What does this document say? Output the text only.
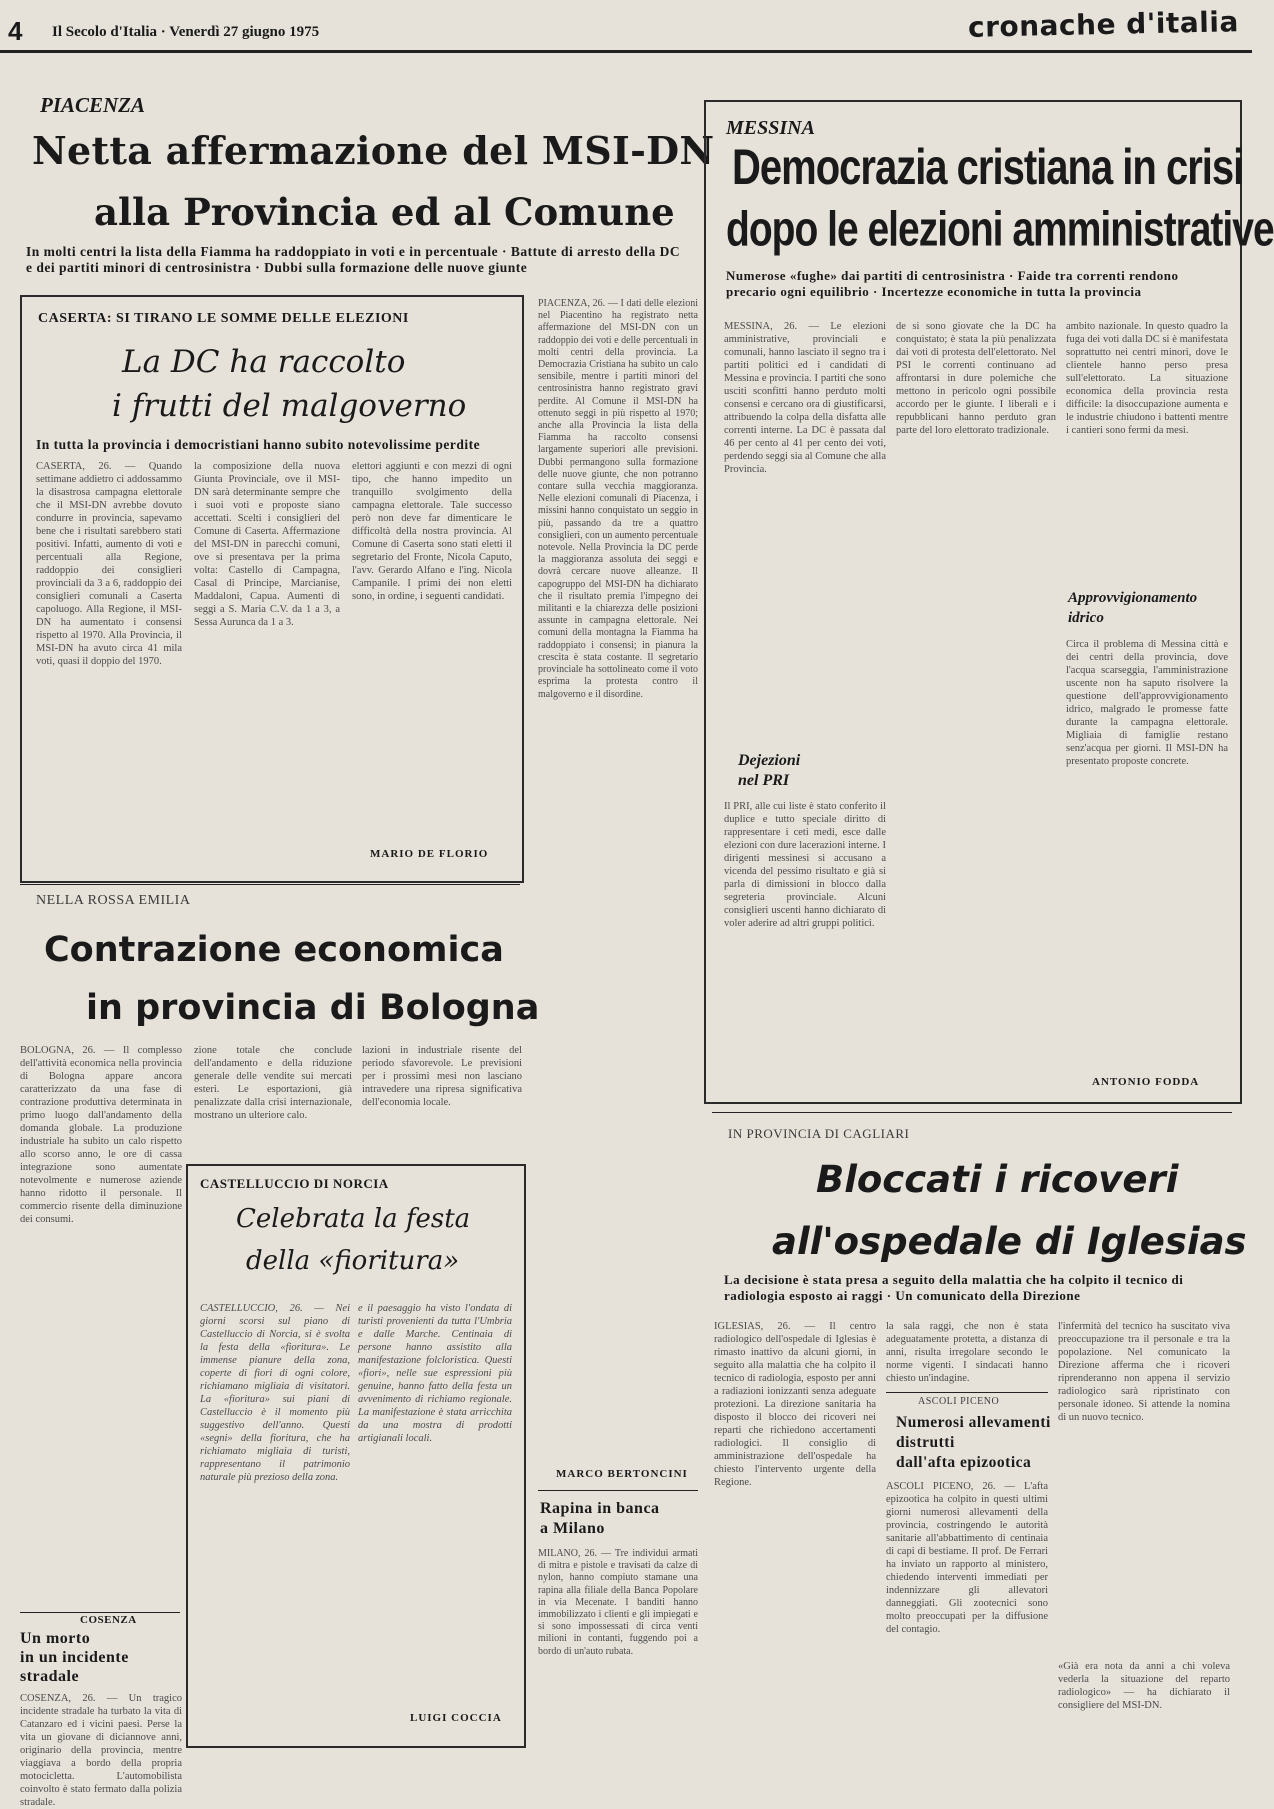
4 Il Secolo d'Italia · Venerdì 27 giugno 1975	cronache d'italia
PIACENZA
Netta affermazione del MSI-DN
alla Provincia ed al Comune
In molti centri la lista della Fiamma ha raddoppiato in voti e in percentuale · Battute di arresto della DC e dei partiti minori di centrosinistra · Dubbi sulla formazione delle nuove giunte
PIACENZA, 26. — I dati delle elezioni nel Piacentino ha registrato netta affermazione del MSI-DN con un raddoppio dei voti e delle percentuali in molti centri della provincia. La Democrazia Cristiana ha subito un calo sensibile, mentre i partiti minori del centrosinistra hanno registrato gravi perdite. Al Comune il MSI-DN ha ottenuto seggi in più rispetto al 1970; anche alla Provincia la lista della Fiamma ha raccolto consensi largamente superiori alle previsioni. Dubbi permangono sulla formazione delle nuove giunte, che non potranno contare sulla vecchia maggioranza. Nelle elezioni comunali di Piacenza, i missini hanno conquistato un seggio in più, passando da tre a quattro consiglieri, con un aumento percentuale notevole. Nella Provincia la DC perde la maggioranza assoluta dei seggi e dovrà cercare nuove alleanze. Il capogruppo del MSI-DN ha dichiarato che il risultato premia l'impegno dei militanti e la chiarezza delle posizioni assunte in campagna elettorale. Nei comuni della montagna la Fiamma ha raddoppiato i consensi; in pianura la crescita è stata costante. Il segretario provinciale ha sottolineato come il voto esprima la protesta contro il malgoverno e il disordine.
MARCO BERTONCINI
Rapina in banca
a Milano
MILANO, 26. — Tre individui armati di mitra e pistole e travisati da calze di nylon, hanno compiuto stamane una rapina alla filiale della Banca Popolare in via Mecenate. I banditi hanno immobilizzato i clienti e gli impiegati e si sono impossessati di circa venti milioni in contanti, fuggendo poi a bordo di un'auto rubata.
CASERTA: SI TIRANO LE SOMME DELLE ELEZIONI
La DC ha raccolto
i frutti del malgoverno
In tutta la provincia i democristiani hanno subito notevolissime perdite
CASERTA, 26. — Quando settimane addietro ci addossammo la disastrosa campagna elettorale che il MSI-DN avrebbe dovuto condurre in provincia, sapevamo bene che i risultati sarebbero stati positivi. Infatti, aumento di voti e percentuali alla Regione, raddoppio dei consiglieri provinciali da 3 a 6, raddoppio dei consiglieri comunali a Caserta capoluogo. Alla Regione, il MSI-DN ha aumentato i consensi rispetto al 1970. Alla Provincia, il MSI-DN ha avuto circa 41 mila voti, quasi il doppio del 1970.
la composizione della nuova Giunta Provinciale, ove il MSI-DN sarà determinante sempre che i suoi voti e proposte siano accettati. Scelti i consiglieri del Comune di Caserta. Affermazione del MSI-DN in parecchi comuni, ove si presentava per la prima volta: Castello di Campagna, Casal di Principe, Marcianise, Maddaloni, Capua. Aumenti di seggi a S. Maria C.V. da 1 a 3, a Sessa Aurunca da 1 a 3.
elettori aggiunti e con mezzi di ogni tipo, che hanno impedito un tranquillo svolgimento della campagna elettorale. Tale successo però non deve far dimenticare le difficoltà della nostra provincia. Al Comune di Caserta sono stati eletti il segretario del Fronte, Nicola Caputo, l'avv. Gerardo Alfano e l'ing. Nicola Campanile. I primi dei non eletti sono, in ordine, i seguenti candidati.
MARIO DE FLORIO
MESSINA
Democrazia cristiana in crisi
dopo le elezioni amministrative
Numerose «fughe» dai partiti di centrosinistra · Faide tra correnti rendono precario ogni equilibrio · Incertezze economiche in tutta la provincia
MESSINA, 26. — Le elezioni amministrative, provinciali e comunali, hanno lasciato il segno tra i partiti politici ed i candidati di Messina e provincia. I partiti che sono usciti sconfitti hanno perduto molti consensi e cercano ora di giustificarsi, attribuendo la colpa della disfatta alle correnti interne. La DC è passata dal 46 per cento al 41 per cento dei voti, perdendo seggi sia al Comune che alla Provincia.
de si sono giovate che la DC ha conquistato; è stata la più penalizzata dai voti di protesta dell'elettorato. Nel PSI le correnti continuano ad affrontarsi in dure polemiche che mettono in pericolo ogni possibile accordo per le giunte. I liberali e i repubblicani hanno perduto gran parte del loro elettorato tradizionale.
ambito nazionale. In questo quadro la fuga dei voti dalla DC si è manifestata soprattutto nei centri minori, dove le clientele hanno perso presa sull'elettorato. La situazione economica della provincia resta difficile: la disoccupazione aumenta e le industrie chiudono i battenti mentre i cantieri sono fermi da mesi.
Dejezioni
nel PRI
Il PRI, alle cui liste è stato conferito il duplice e tutto speciale diritto di rappresentare i ceti medi, esce dalle elezioni con dure lacerazioni interne. I dirigenti messinesi si accusano a vicenda del pessimo risultato e già si parla di dimissioni in blocco dalla segreteria provinciale. Alcuni consiglieri uscenti hanno dichiarato di voler aderire ad altri gruppi politici.
Approvvigionamento
idrico
Circa il problema di Messina città e dei centri della provincia, dove l'acqua scarseggia, l'amministrazione uscente non ha saputo risolvere la questione dell'approvvigionamento idrico, malgrado le promesse fatte durante la campagna elettorale. Migliaia di famiglie restano senz'acqua per giorni. Il MSI-DN ha presentato proposte concrete.
ANTONIO FODDA
NELLA ROSSA EMILIA
Contrazione economica
in provincia di Bologna
BOLOGNA, 26. — Il complesso dell'attività economica nella provincia di Bologna appare ancora caratterizzato da una fase di contrazione produttiva determinata in primo luogo dall'andamento della domanda globale. La produzione industriale ha subito un calo rispetto allo scorso anno, le ore di cassa integrazione sono aumentate notevolmente e numerose aziende hanno ridotto il personale. Il commercio risente della diminuzione dei consumi.
zione totale che conclude dell'andamento e della riduzione generale delle vendite sui mercati esteri. Le esportazioni, già penalizzate dalla crisi internazionale, mostrano un ulteriore calo.
lazioni in industriale risente del periodo sfavorevole. Le previsioni per i prossimi mesi non lasciano intravedere una ripresa significativa dell'economia locale.
COSENZA
Un morto
in un incidente
stradale
COSENZA, 26. — Un tragico incidente stradale ha turbato la vita di Catanzaro ed i vicini paesi. Perse la vita un giovane di diciannove anni, originario della provincia, mentre viaggiava a bordo della propria motocicletta. L'automobilista coinvolto è stato fermato dalla polizia stradale.
CASTELLUCCIO DI NORCIA
Celebrata la festa
della «fioritura»
CASTELLUCCIO, 26. — Nei giorni scorsi sul piano di Castelluccio di Norcia, si è svolta la festa della «fioritura». Le immense pianure della zona, coperte di fiori di ogni colore, richiamano migliaia di visitatori. La «fioritura» sui piani di Castelluccio è il momento più suggestivo dell'anno. Questi «segni» della fioritura, che ha richiamato migliaia di turisti, rappresentano il patrimonio naturale più prezioso della zona.
e il paesaggio ha visto l'ondata di turisti provenienti da tutta l'Umbria e dalle Marche. Centinaia di persone hanno assistito alla manifestazione folcloristica. Questi «fiori», nelle sue espressioni più genuine, hanno fatto della festa un avvenimento di richiamo regionale. La manifestazione è stata arricchita da una mostra di prodotti artigianali locali.
LUIGI COCCIA
IN PROVINCIA DI CAGLIARI
Bloccati i ricoveri
all'ospedale di Iglesias
La decisione è stata presa a seguito della malattia che ha colpito il tecnico di radiologia esposto ai raggi · Un comunicato della Direzione
IGLESIAS, 26. — Il centro radiologico dell'ospedale di Iglesias è rimasto inattivo da alcuni giorni, in seguito alla malattia che ha colpito il tecnico di radiologia, esposto per anni a radiazioni ionizzanti senza adeguate protezioni. La direzione sanitaria ha disposto il blocco dei ricoveri nei reparti che richiedono accertamenti radiologici. Il consiglio di amministrazione dell'ospedale ha chiesto l'intervento urgente della Regione.
la sala raggi, che non è stata adeguatamente protetta, a distanza di anni, risulta irregolare secondo le norme vigenti. I sindacati hanno chiesto un'indagine.
l'infermità del tecnico ha suscitato viva preoccupazione tra il personale e tra la popolazione. Nel comunicato la Direzione afferma che i ricoveri riprenderanno non appena il servizio radiologico sarà ripristinato con personale idoneo. Si attende la nomina di un nuovo tecnico.
«Già era nota da anni a chi voleva vederla la situazione del reparto radiologico» — ha dichiarato il consigliere del MSI-DN.
ASCOLI PICENO
Numerosi allevamenti
distrutti
dall'afta epizootica
ASCOLI PICENO, 26. — L'afta epizootica ha colpito in questi ultimi giorni numerosi allevamenti della provincia, costringendo le autorità sanitarie all'abbattimento di centinaia di capi di bestiame. Il prof. De Ferrari ha inviato un rapporto al ministero, chiedendo interventi immediati per indennizzare gli allevatori danneggiati. Gli zootecnici sono molto preoccupati per la diffusione del contagio.
